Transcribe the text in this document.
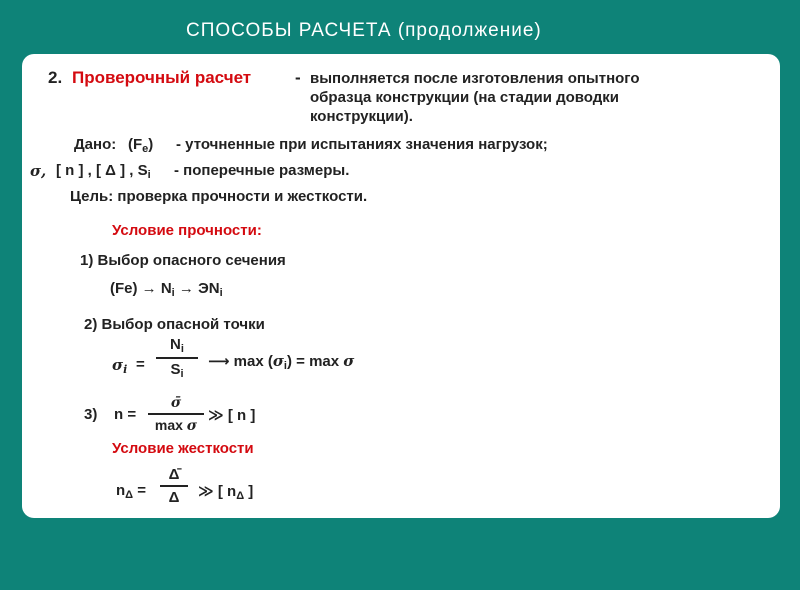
СПОСОБЫ РАСЧЕТА (продолжение)
2. Проверочный расчет	- выполняется после изготовления опытного
образца конструкции (на стадии доводки
конструкции).
Дано: $(F_e)$ - уточненные при испытаниях значения нагрузок;
σ, [ n ] , [ Δ ] , $S_i$ - поперечные размеры.
Цель: проверка прочности и жесткости.
Условие прочности:
1) Выбор опасного сечения
$(Fe) \to N_i \to ЭN_i$
2) Выбор опасной точки
$\sigma_i$ =
$N_i$
$S_i$
⟶ $\max (\sigma_i) = \max \sigma$
3) n =
σ̄
max σ
≫ [ n ]
Условие жесткости
$n_\Delta$ =
Δ̄
Δ	≫ [ $n_\Delta$ ]
